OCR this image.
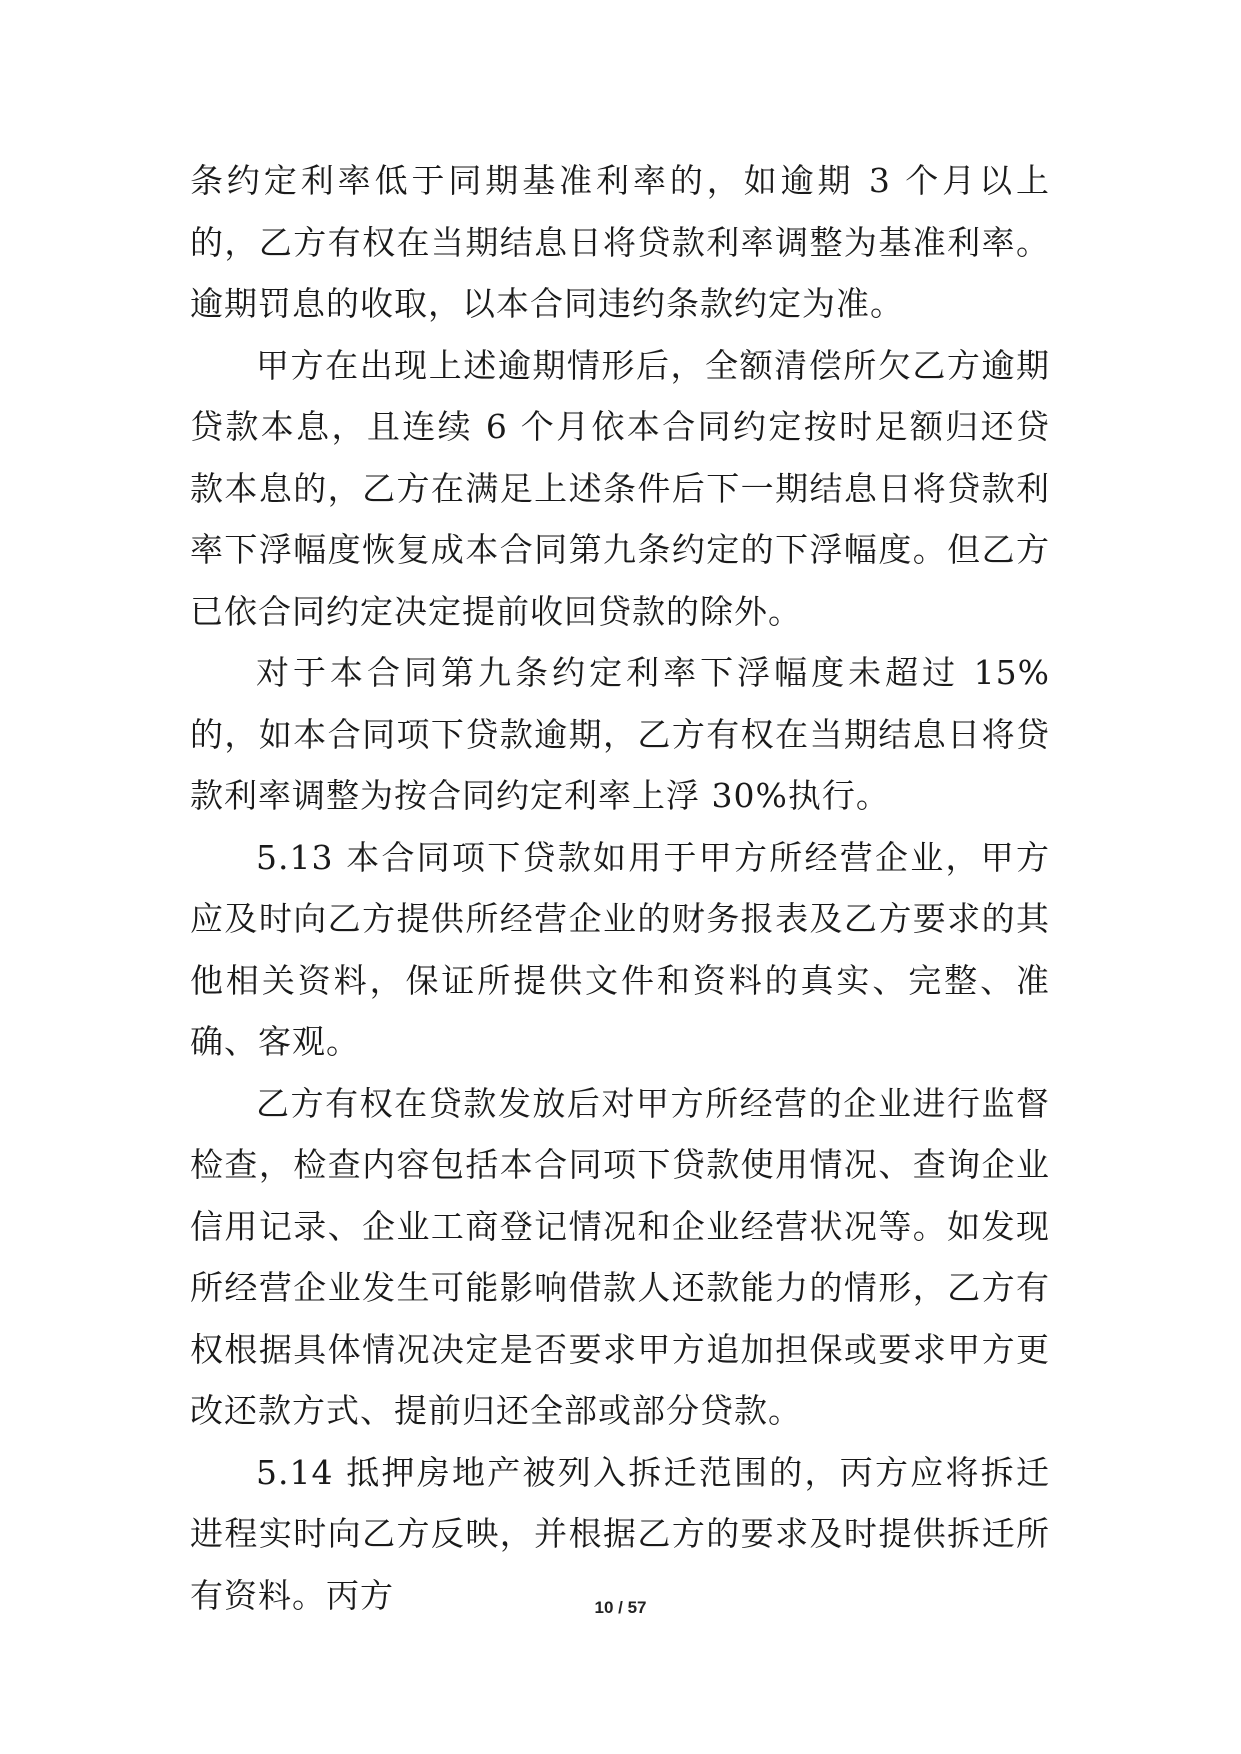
条约定利率低于同期基准利率的，如逾期 3 个月以上的，乙方有权在当期结息日将贷款利率调整为基准利率。逾期罚息的收取，以本合同违约条款约定为准。

甲方在出现上述逾期情形后，全额清偿所欠乙方逾期贷款本息，且连续 6 个月依本合同约定按时足额归还贷款本息的，乙方在满足上述条件后下一期结息日将贷款利率下浮幅度恢复成本合同第九条约定的下浮幅度。但乙方已依合同约定决定提前收回贷款的除外。

对于本合同第九条约定利率下浮幅度未超过 15%的，如本合同项下贷款逾期，乙方有权在当期结息日将贷款利率调整为按合同约定利率上浮 30%执行。

5.13 本合同项下贷款如用于甲方所经营企业，甲方应及时向乙方提供所经营企业的财务报表及乙方要求的其他相关资料，保证所提供文件和资料的真实、完整、准确、客观。

乙方有权在贷款发放后对甲方所经营的企业进行监督检查，检查内容包括本合同项下贷款使用情况、查询企业信用记录、企业工商登记情况和企业经营状况等。如发现所经营企业发生可能影响借款人还款能力的情形，乙方有权根据具体情况决定是否要求甲方追加担保或要求甲方更改还款方式、提前归还全部或部分贷款。

5.14 抵押房地产被列入拆迁范围的，丙方应将拆迁进程实时向乙方反映，并根据乙方的要求及时提供拆迁所有资料。丙方	10 / 57
